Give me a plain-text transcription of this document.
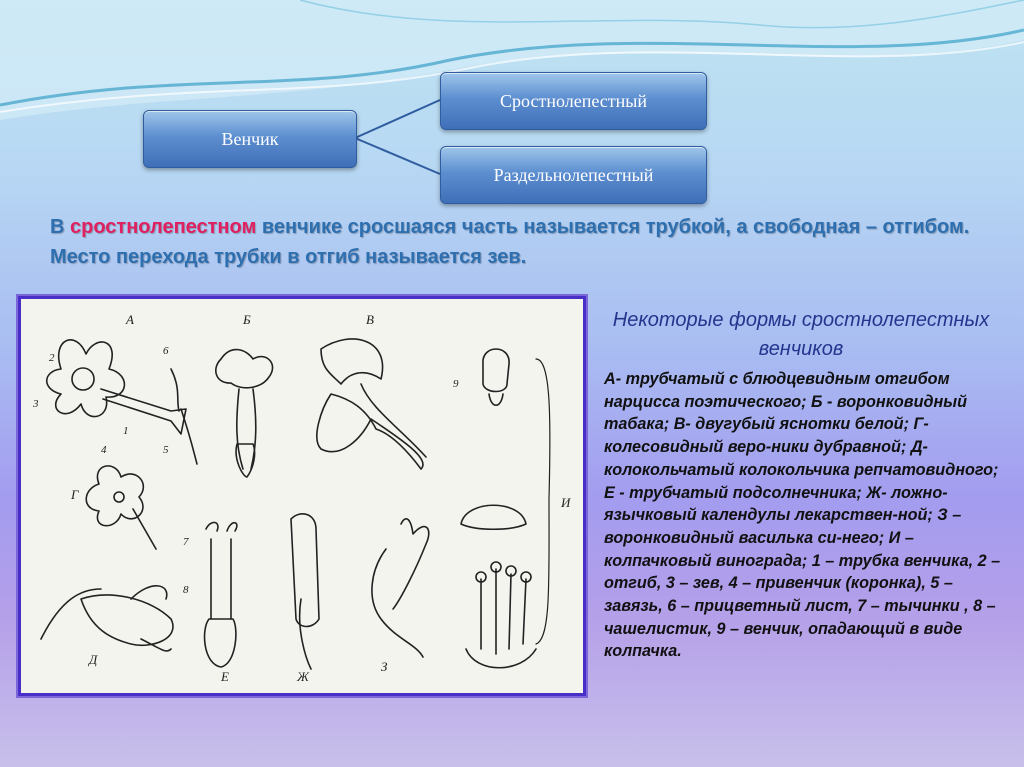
Венчик
Сростнолепестный
Раздельнолепестный
В сростнолепестном венчике сросшаяся часть называется трубкой, а свободная – отгибом. Место перехода трубки в отгиб называется зев.
А	Б	В
Г
Д
Е	Ж
З
И
1
2
3
4	5
6
7
8
9
Некоторые формы сростнолепестных венчиков
А- трубчатый с блюдцевидным отгибом нарцисса поэтического; Б - воронковидный табака; В- двугубый яснотки белой; Г- колесовидный веро-ники дубравной; Д- колокольчатый колокольчика репчатовидного; Е - трубчатый подсолнечника; Ж- ложно-язычковый календулы лекарствен-ной; З – воронковидный василька си-него; И – колпачковый винограда; 1 – трубка венчика, 2 – отгиб, 3 – зев, 4 – привенчик (коронка), 5 – завязь, 6 – прицветный лист, 7 – тычинки , 8 – чашелистик, 9 – венчик, опадающий в виде колпачка.
